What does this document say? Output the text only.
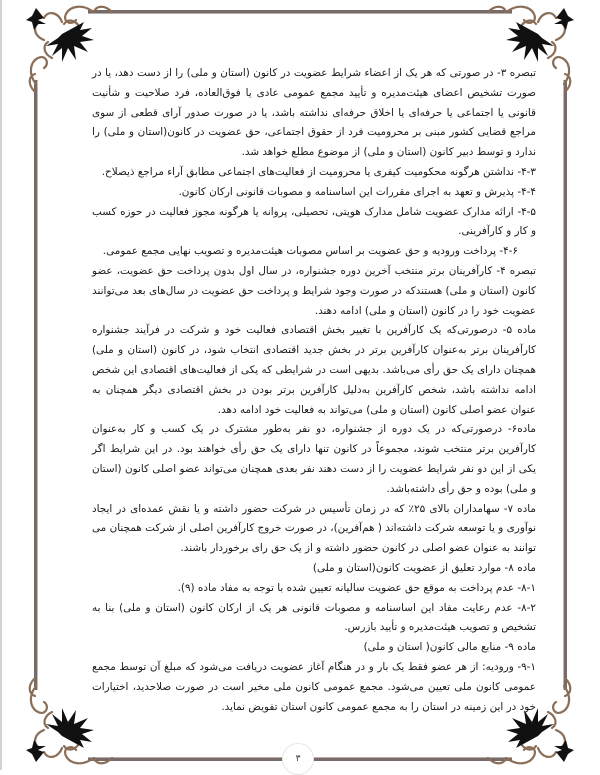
تبصره ۳- در صورتی که هر یک از اعضاء شرایط عضویت در کانون (استان و ملی) را از دست دهد، یا در صورت تشخیص اعضای هیئت‌مدیره و تأیید مجمع عمومی عادی یا فوق‌العاده، فرد صلاحیت و شأنیت قانونی یا اجتماعی یا حرفه‌ای یا اخلاق حرفه‌ای نداشته باشد، یا در صورت صدور آرای قطعی از سوی مراجع قضایی کشور مبنی بر محرومیت فرد از حقوق اجتماعی، حق عضویت در کانون(استان و ملی) را ندارد و توسط دبیر کانون (استان و ملی) از موضوع مطلع خواهد شد.

۴-۳- نداشتن هرگونه محکومیت کیفری یا محرومیت از فعالیت‌های اجتماعی مطابق آراء مراجع ذیصلاح.

۴-۴- پذیرش و تعهد به اجرای مقررات این اساسنامه و مصوبات قانونی ارکان کانون.

۴-۵- ارائه مدارک عضویت شامل مدارک هویتی، تحصیلی، پروانه یا هرگونه مجوز فعالیت در حوزه کسب و کار و کارآفرینی.

۴-۶- پرداخت ورودیه و حق عضویت بر اساس مصوبات هیئت‌مدیره و تصویب نهایی مجمع عمومی.

تبصره ۴- کارآفرینان برتر منتخب آخرین دوره جشنواره، در سال اول بدون پرداخت حق عضویت، عضو کانون (استان و ملی) هستندکه در صورت وجود شرایط و پرداخت حق عضویت در سال‌های بعد می‌توانند عضویت خود را در کانون (استان و ملی) ادامه دهند.

ماده ۵- درصورتی‌که یک کارآفرین با تغییر بخش اقتصادی فعالیت خود و شرکت در فرآیند جشنواره کارآفرینان برتر به‌عنوان کارآفرین برتر در بخش جدید اقتصادی انتخاب شود، در کانون (استان و ملی) همچنان دارای یک حق رأی می‌باشد. بدیهی است در شرایطی که یکی از فعالیت‌های اقتصادی این شخص ادامه نداشته باشد، شخص کارآفرین به‌دلیل کارآفرین برتر بودن در بخش اقتصادی دیگر همچنان به عنوان عضو اصلی کانون (استان و ملی) می‌تواند به فعالیت خود ادامه دهد.

ماده۶- درصورتی‌که در یک دوره از جشنواره، دو نفر به‌طور مشترک در یک کسب و کار به‌عنوان کارآفرین برتر منتخب شوند، مجموعاً در کانون تنها دارای یک حق رأی خواهند بود. در این شرایط اگر یکی از این دو نفر شرایط عضویت را از دست دهند نفر بعدی همچنان می‌تواند عضو اصلی کانون (استان و ملی) بوده و حق رأی داشته‌باشد.

ماده ۷- سهامداران بالای ۲۵٪ که در زمان تأسیس در شرکت حضور داشته و یا نقش عمده‌ای در ایجاد نوآوری و یا توسعه شرکت داشته‌اند ( هم‌آفرین)، در صورت خروج کارآفرین اصلی از شرکت همچنان می توانند به عنوان عضو اصلی در کانون حضور داشته و از یک حق رای برخوردار باشند.

ماده ۸- موارد تعلیق از عضویت کانون(استان و ملی)

۸-۱- عدم پرداخت به موقع حق عضویت سالیانه تعیین شده با توجه به مفاد ماده (۹).

۸-۲- عدم رعایت مفاد این اساسنامه و مصوبات قانونی هر یک از ارکان کانون (استان و ملی) بنا به تشخیص و تصویب هیئت‌مدیره و تأیید بازرس.

ماده ۹- منابع مالی کانون( استان و ملی)

۹-۱- ورودیه: از هر عضو فقط یک بار و در هنگام آغاز عضویت دریافت می‌شود که مبلغ آن توسط مجمع عمومی کانون ملی تعیین می‌شود. مجمع عمومی کانون ملی مخیر است در صورت صلاحدید، اختیارات خود در این زمینه در استان را به مجمع عمومی کانون استان تفویض نماید.

۳
